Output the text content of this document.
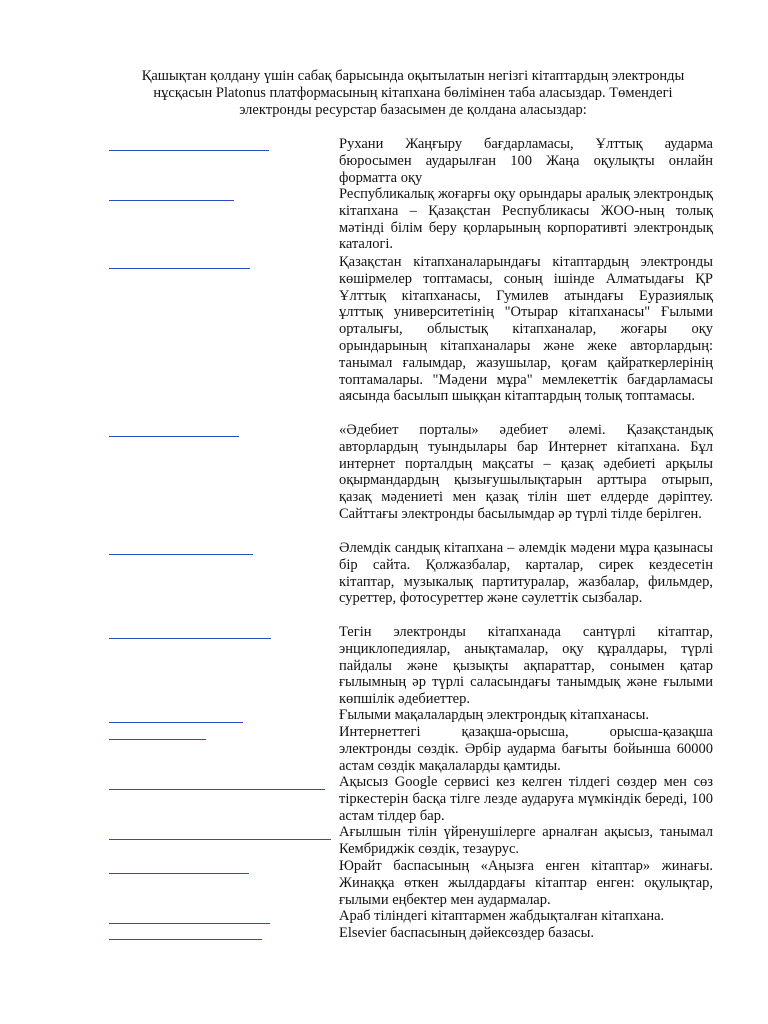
Қашықтан қолдану үшін сабақ барысында оқытылатын негізгі кітаптардың электронды нұсқасын Platonus платформасының кітапхана бөлімінен таба аласыздар. Төмендегі электронды ресурстар базасымен де қолдана аласыздар:
Рухани Жаңғыру бағдарламасы, Ұлттық аударма бюросымен аударылған 100 Жаңа оқулықты онлайн форматта оқу
Республикалық жоғарғы оқу орындары аралық электрондық кітапхана – Қазақстан Республикасы ЖОО-ның толық мәтінді білім беру қорларының корпоративті электрондық каталогі.
Қазақстан кітапханаларындағы кітаптардың электронды көшірмелер топтамасы, соның ішінде Алматыдағы ҚР Ұлттық кітапханасы, Гумилев атындағы Еуразиялық ұлттық университетінің "Отырар кітапханасы" Ғылыми орталығы, облыстық кітапханалар, жоғары оқу орындарының кітапханалары және жеке авторлардың: танымал ғалымдар, жазушылар, қоғам қайраткерлерінің топтамалары. "Мәдени мұра" мемлекеттік бағдарламасы аясында басылып шыққан кітаптардың толық топтамасы.
«Әдебиет порталы» әдебиет әлемі. Қазақстандық авторлардың туындылары бар Интернет кітапхана. Бұл интернет порталдың мақсаты – қазақ әдебиеті арқылы оқырмандардың қызығушылықтарын арттыра отырып, қазақ мәдениеті мен қазақ тілін шет елдерде дәріптеу. Сайттағы электронды басылымдар әр түрлі тілде берілген.
Әлемдік сандық кітапхана – әлемдік мәдени мұра қазынасы бір сайта. Қолжазбалар, карталар, сирек кездесетін кітаптар, музыкалық партитуралар, жазбалар, фильмдер, суреттер, фотосуреттер және сәулеттік сызбалар.
Тегін электронды кітапханада сантүрлі кітаптар, энциклопедиялар, анықтамалар, оқу құралдары, түрлі пайдалы және қызықты ақпараттар, сонымен қатар ғылымның әр түрлі саласындағы танымдық және ғылыми көпшілік әдебиеттер.
Ғылыми мақалалардың электрондық кітапханасы.
Интернеттегі қазақша-орысша, орысша-қазақша электронды сөздік. Әрбір аударма бағыты бойынша 60000 астам сөздік мақалаларды қамтиды.
Ақысыз Google сервисі кез келген тілдегі сөздер мен сөз тіркестерін басқа тілге лезде аударуға мүмкіндік береді, 100 астам тілдер бар.
Ағылшын тілін үйренушілерге арналған ақысыз, танымал Кембриджік сөздік, тезаурус.
Юрайт баспасының «Аңызға енген кітаптар» жинағы. Жинаққа өткен жылдардағы кітаптар енген: оқулықтар, ғылыми еңбектер мен аудармалар.
Араб тіліндегі кітаптармен жабдықталған кітапхана.
Elsevier баспасының дәйексөздер базасы.
